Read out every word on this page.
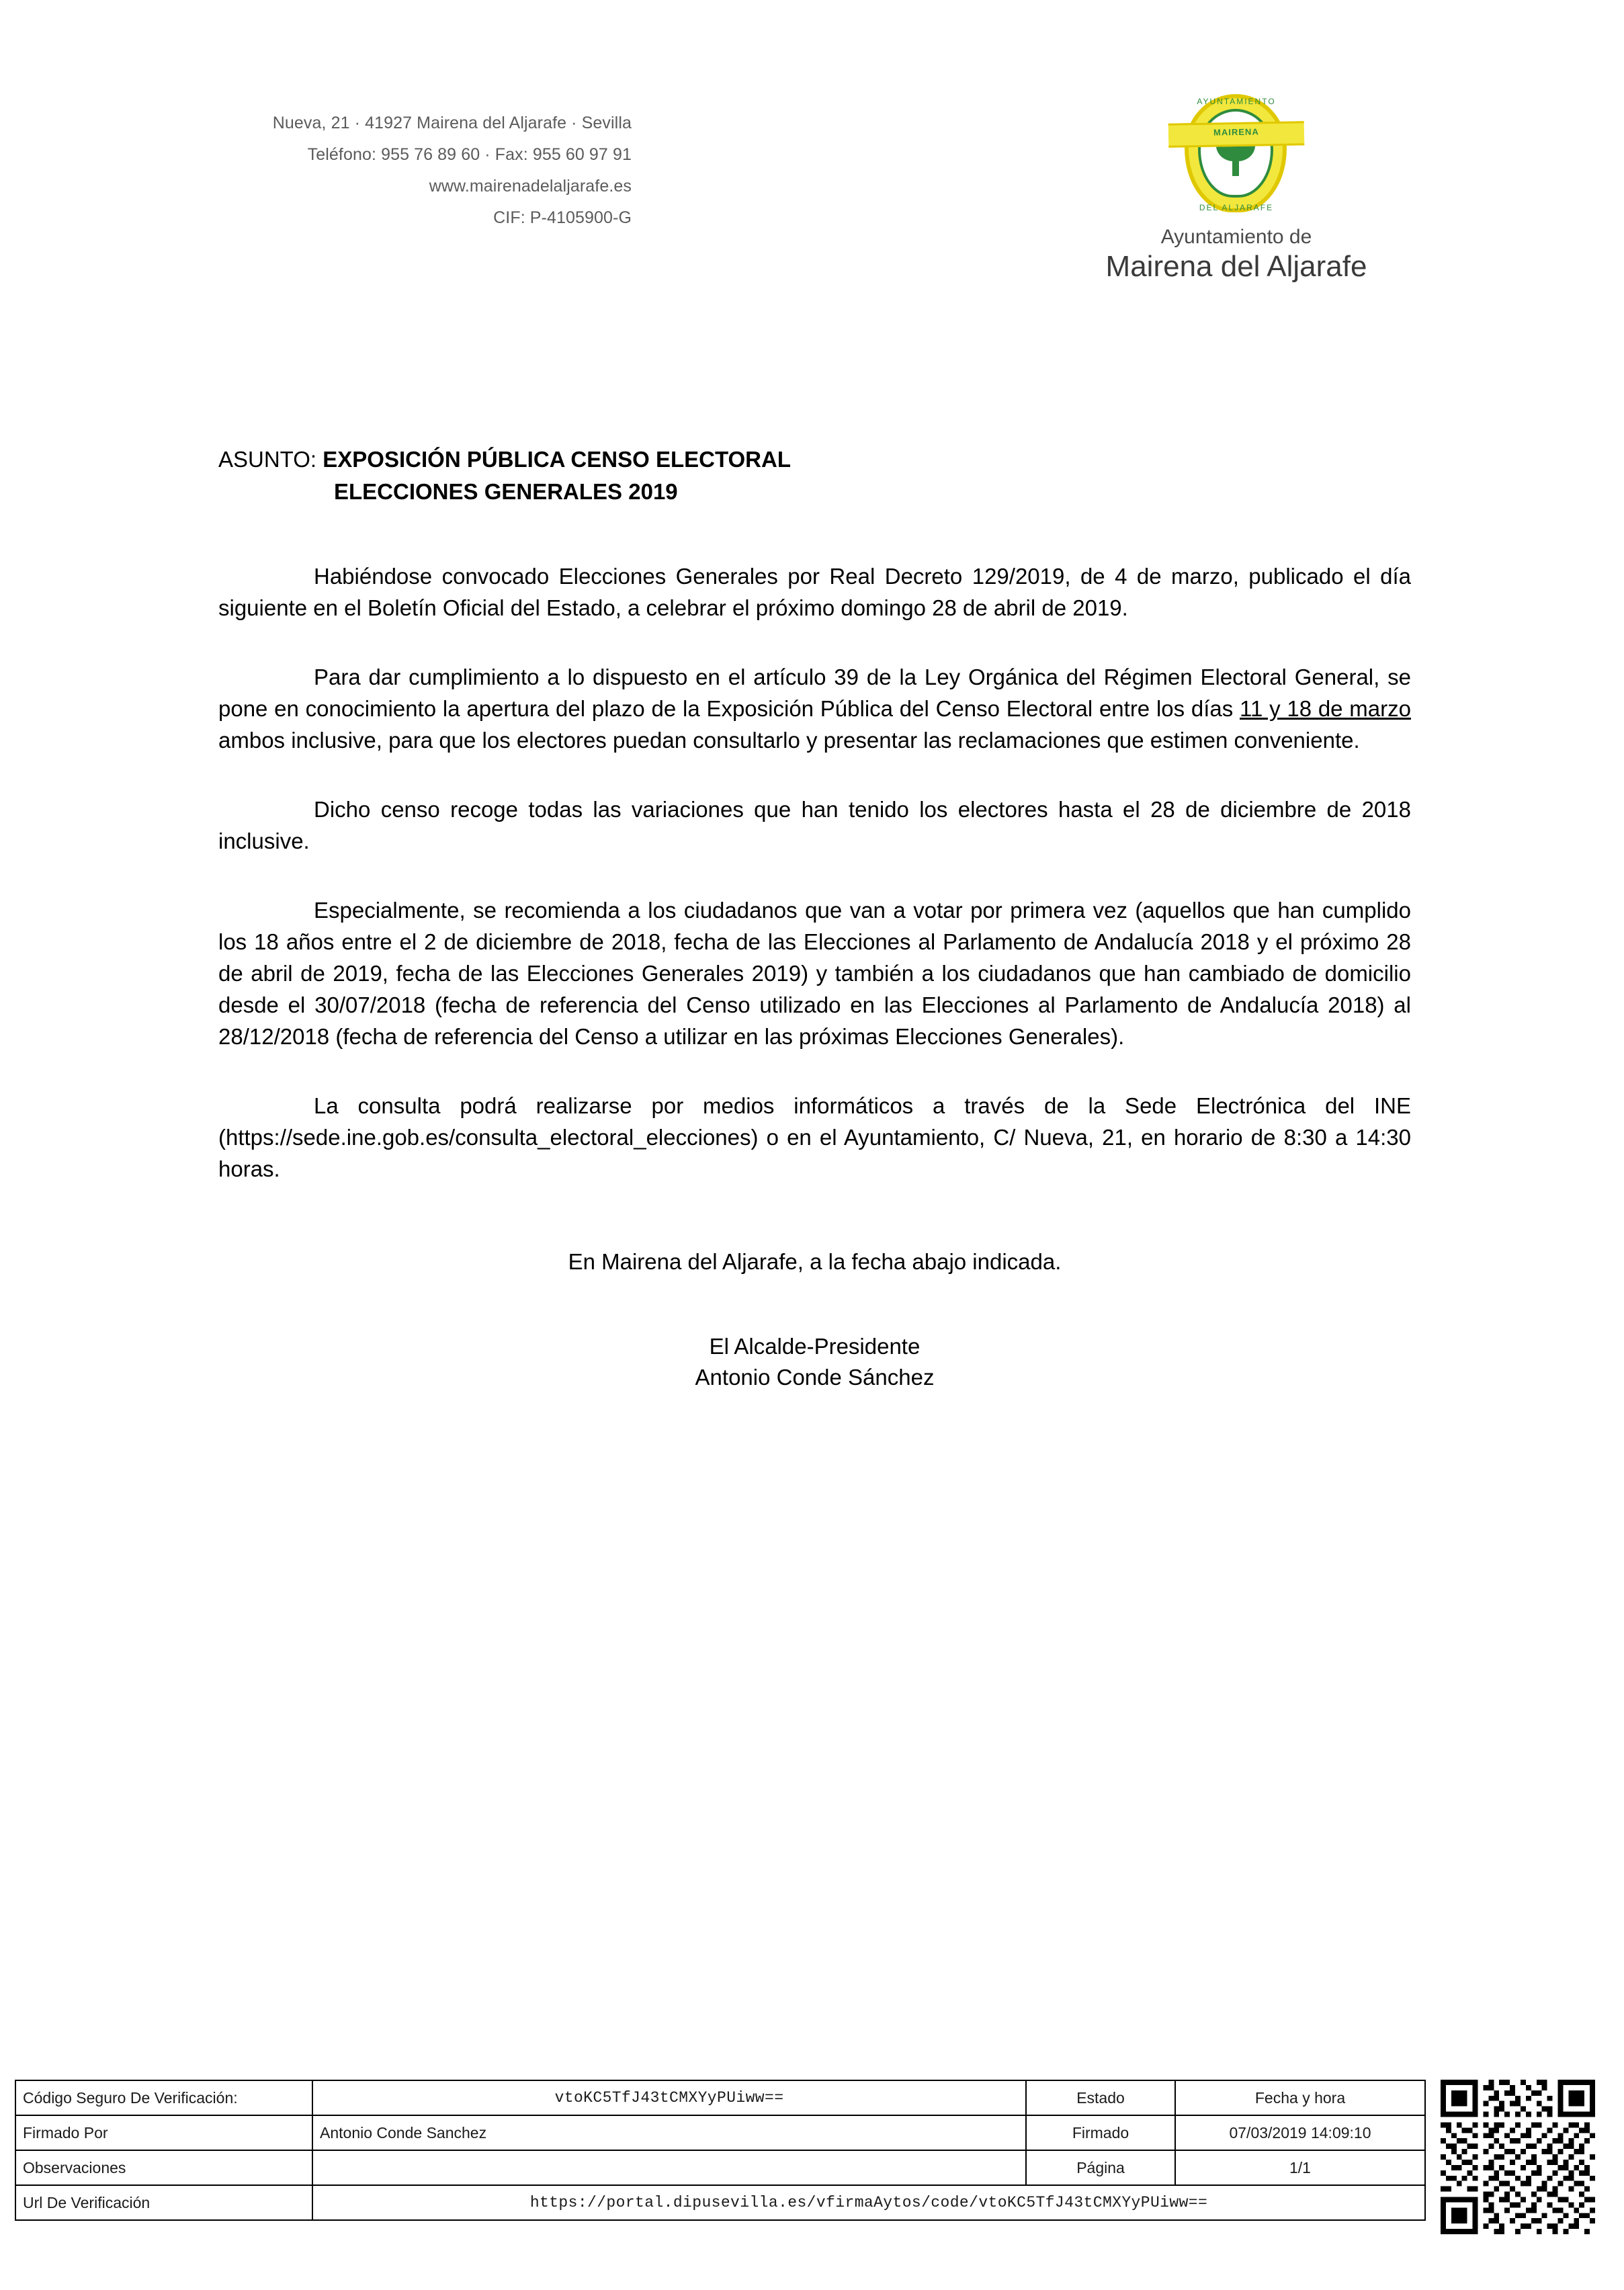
Nueva, 21 · 41927 Mairena del Aljarafe · Sevilla
Teléfono: 955 76 89 60 · Fax: 955 60 97 91
www.mairenadelaljarafe.es
CIF: P-4105900-G
AYUNTAMIENTO
MAIRENA
DEL ALJARAFE
Ayuntamiento de
Mairena del Aljarafe
ASUNTO: EXPOSICIÓN PÚBLICA CENSO ELECTORAL
ELECCIONES GENERALES 2019

Habiéndose convocado Elecciones Generales por Real Decreto 129/2019, de 4 de marzo, publicado el día siguiente en el Boletín Oficial del Estado, a celebrar el próximo domingo 28 de abril de 2019.

Para dar cumplimiento a lo dispuesto en el artículo 39 de la Ley Orgánica del Régimen Electoral General, se pone en conocimiento la apertura del plazo de la Exposición Pública del Censo Electoral entre los días 11 y 18 de marzo ambos inclusive, para que los electores puedan consultarlo y presentar las reclamaciones que estimen conveniente.

Dicho censo recoge todas las variaciones que han tenido los electores hasta el 28 de diciembre de 2018 inclusive.

Especialmente, se recomienda a los ciudadanos que van a votar por primera vez (aquellos que han cumplido los 18 años entre el 2 de diciembre de 2018, fecha de las Elecciones al Parlamento de Andalucía 2018 y el próximo 28 de abril de 2019, fecha de las Elecciones Generales 2019) y también a los ciudadanos que han cambiado de domicilio desde el 30/07/2018 (fecha de referencia del Censo utilizado en las Elecciones al Parlamento de Andalucía 2018) al 28/12/2018 (fecha de referencia del Censo a utilizar en las próximas Elecciones Generales).

La consulta podrá realizarse por medios informáticos a través de la Sede Electrónica del INE (https://sede.ine.gob.es/consulta_electoral_elecciones) o en el Ayuntamiento, C/ Nueva, 21, en horario de 8:30 a 14:30 horas.

En Mairena del Aljarafe, a la fecha abajo indicada.

El Alcalde-Presidente
Antonio Conde Sánchez
Código Seguro De Verificación:	vtoKC5TfJ43tCMXYyPUiww==	Estado	Fecha y hora
Firmado Por	Antonio Conde Sanchez	Firmado	07/03/2019 14:09:10
Observaciones		Página	1/1
Url De Verificación	https://portal.dipusevilla.es/vfirmaAytos/code/vtoKC5TfJ43tCMXYyPUiww==		
